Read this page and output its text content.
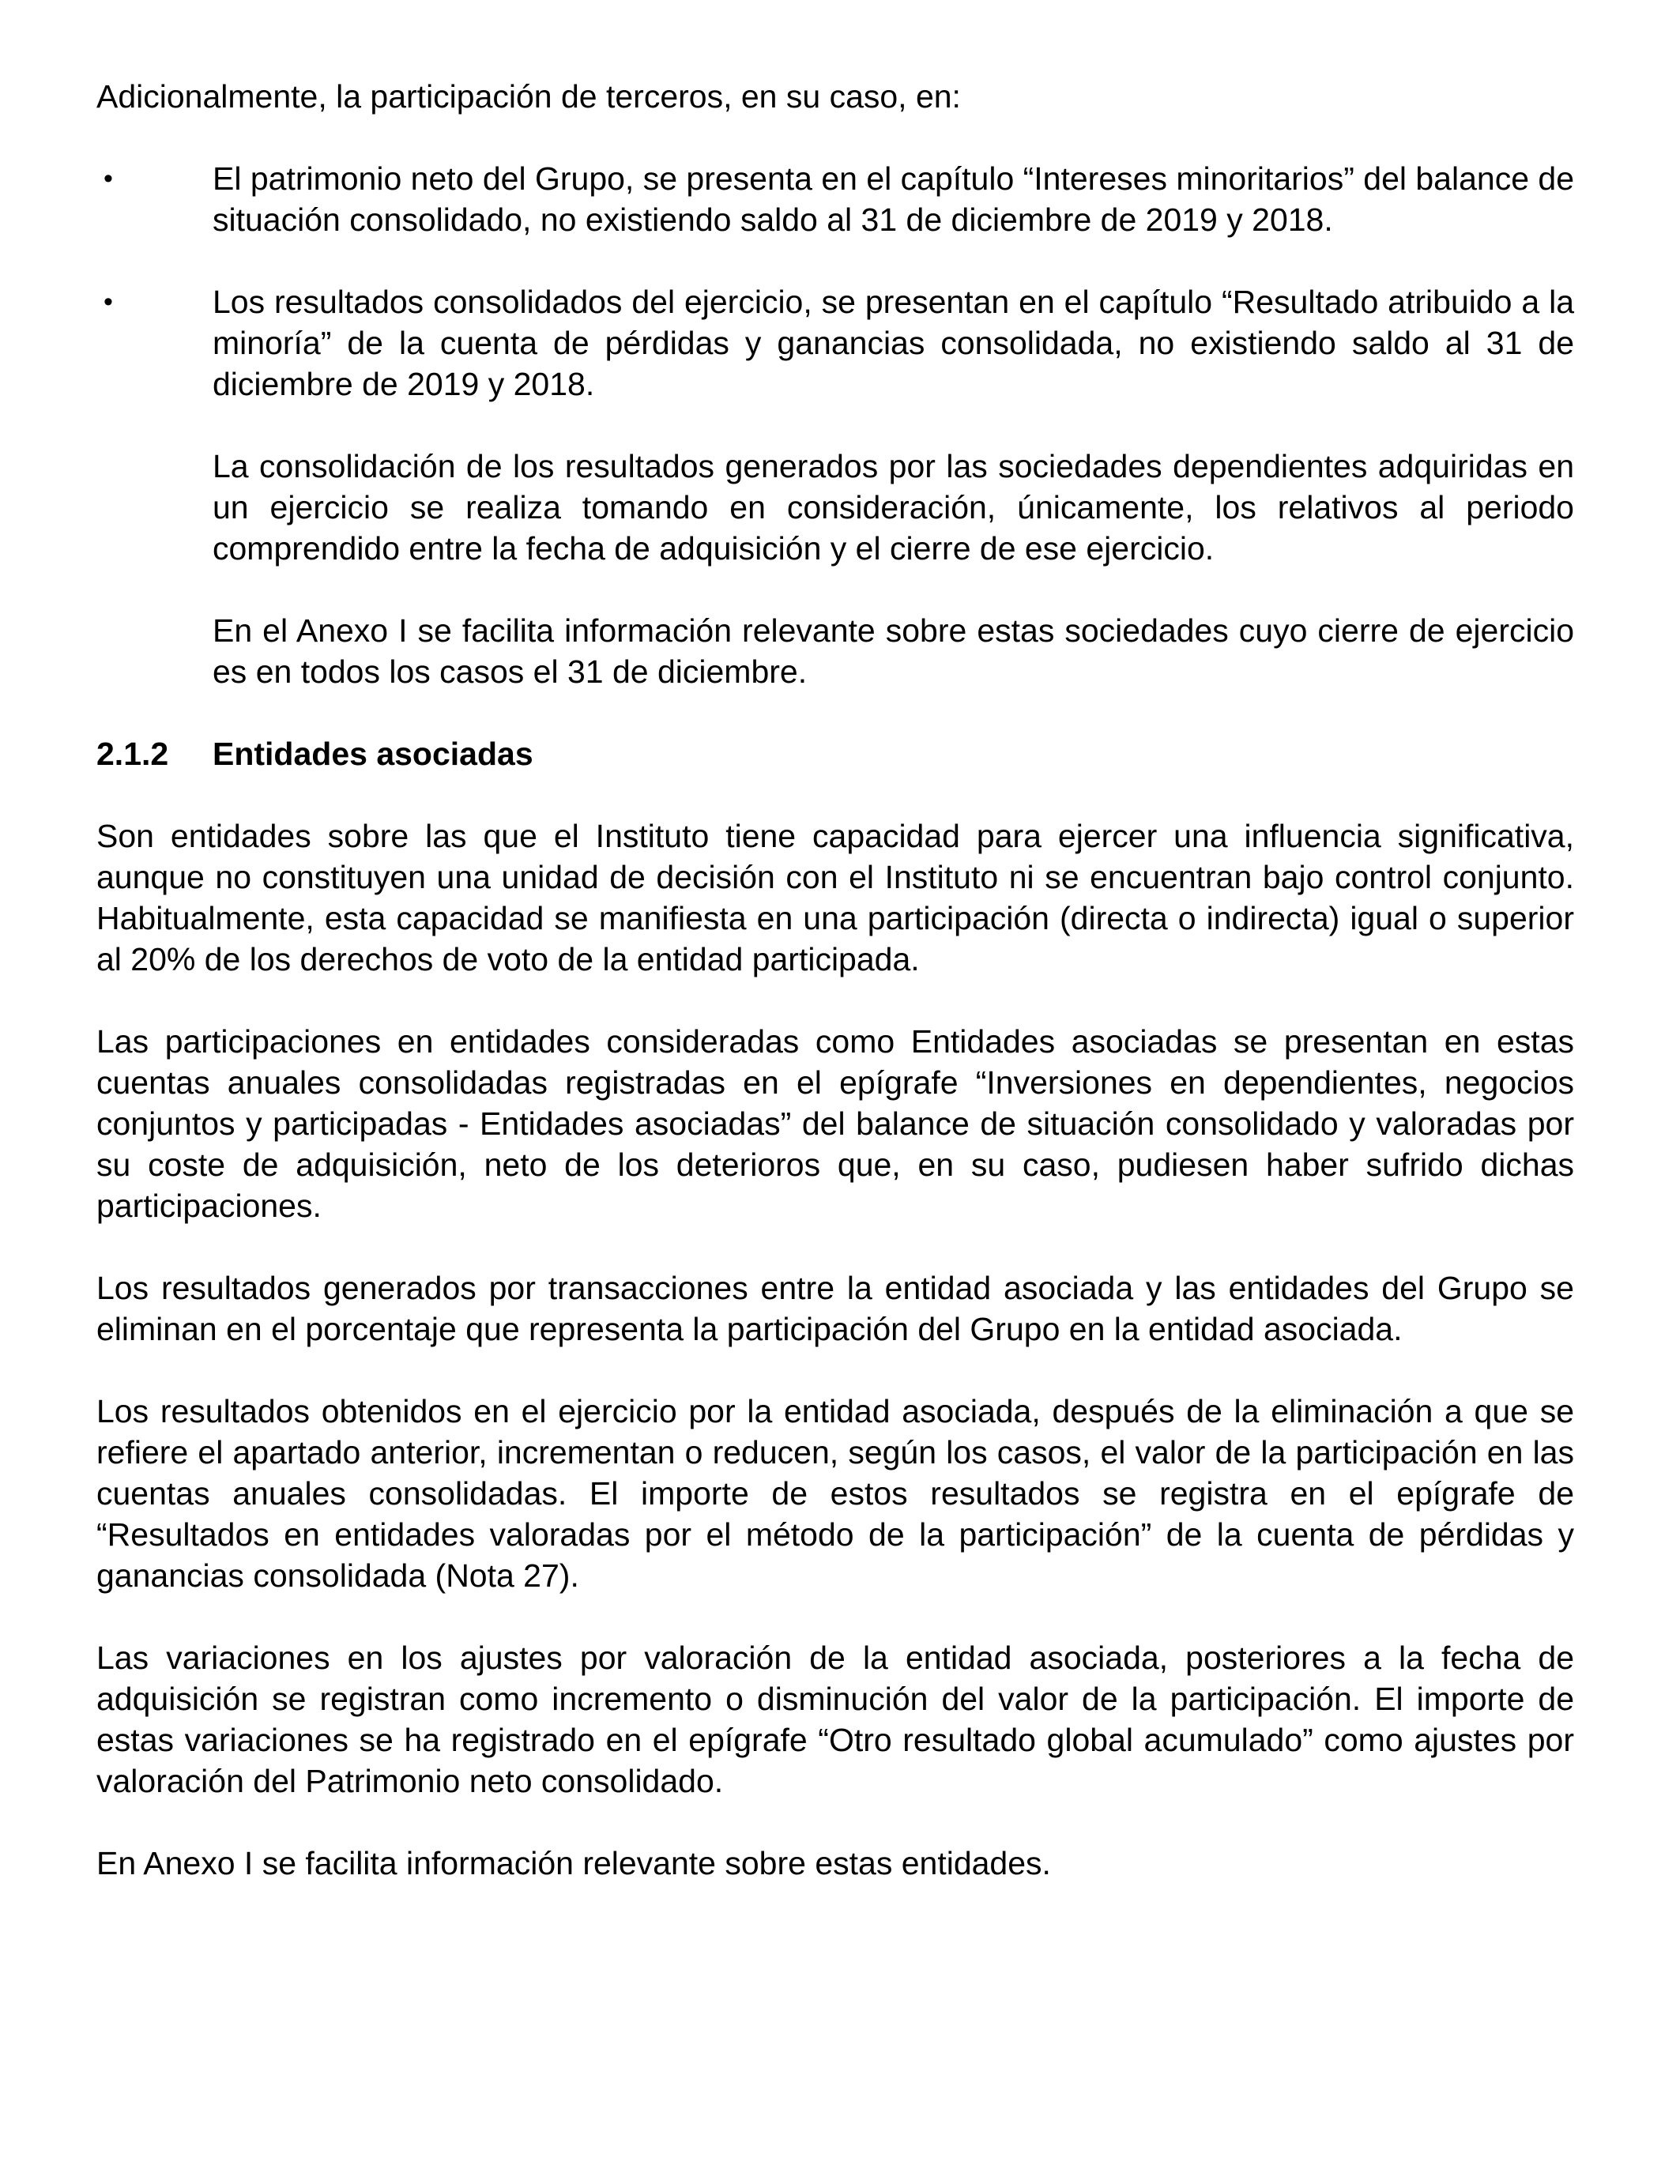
Adicionalmente, la participación de terceros, en su caso, en:

•	El patrimonio neto del Grupo, se presenta en el capítulo “Intereses minoritarios” del balance de situación consolidado, no existiendo saldo al 31 de diciembre de 2019 y 2018.

•	Los resultados consolidados del ejercicio, se presentan en el capítulo “Resultado atribuido a la minoría” de la cuenta de pérdidas y ganancias consolidada, no existiendo saldo al 31 de diciembre de 2019 y 2018.

La consolidación de los resultados generados por las sociedades dependientes adquiridas en un ejercicio se realiza tomando en consideración, únicamente, los relativos al periodo comprendido entre la fecha de adquisición y el cierre de ese ejercicio.

En el Anexo I se facilita información relevante sobre estas sociedades cuyo cierre de ejercicio es en todos los casos el 31 de diciembre.

2.1.2	Entidades asociadas

Son entidades sobre las que el Instituto tiene capacidad para ejercer una influencia significativa, aunque no constituyen una unidad de decisión con el Instituto ni se encuentran bajo control conjunto. Habitualmente, esta capacidad se manifiesta en una participación (directa o indirecta) igual o superior al 20% de los derechos de voto de la entidad participada.

Las participaciones en entidades consideradas como Entidades asociadas se presentan en estas cuentas anuales consolidadas registradas en el epígrafe “Inversiones en dependientes, negocios conjuntos y participadas - Entidades asociadas” del balance de situación consolidado y valoradas por su coste de adquisición, neto de los deterioros que, en su caso, pudiesen haber sufrido dichas participaciones.

Los resultados generados por transacciones entre la entidad asociada y las entidades del Grupo se eliminan en el porcentaje que representa la participación del Grupo en la entidad asociada.

Los resultados obtenidos en el ejercicio por la entidad asociada, después de la eliminación a que se refiere el apartado anterior, incrementan o reducen, según los casos, el valor de la participación en las cuentas anuales consolidadas. El importe de estos resultados se registra en el epígrafe de “Resultados en entidades valoradas por el método de la participación” de la cuenta de pérdidas y ganancias consolidada (Nota 27).

Las variaciones en los ajustes por valoración de la entidad asociada, posteriores a la fecha de adquisición se registran como incremento o disminución del valor de la participación. El importe de estas variaciones se ha registrado en el epígrafe “Otro resultado global acumulado” como ajustes por valoración del Patrimonio neto consolidado.

En Anexo I se facilita información relevante sobre estas entidades.
